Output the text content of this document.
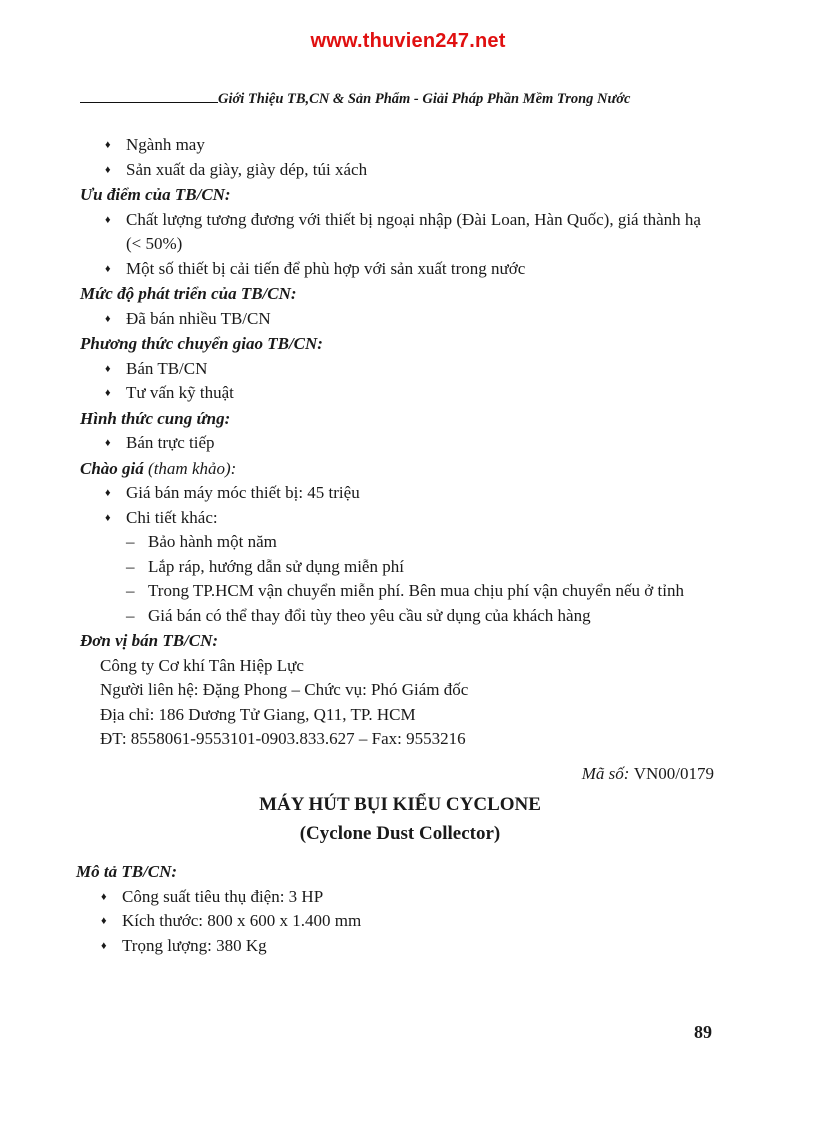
www.thuvien247.net
Giới Thiệu TB,CN & Sản Phẩm - Giải Pháp Phần Mềm Trong Nước
♦ Ngành may
♦ Sản xuất da giày, giày dép, túi xách
Ưu điểm của TB/CN:
♦ Chất lượng tương đương với thiết bị ngoại nhập (Đài Loan, Hàn Quốc), giá thành hạ (< 50%)
♦ Một số thiết bị cải tiến để phù hợp với sản xuất trong nước
Mức độ phát triển của TB/CN:
♦ Đã bán nhiều TB/CN
Phương thức chuyển giao TB/CN:
♦ Bán TB/CN
♦ Tư vấn kỹ thuật
Hình thức cung ứng:
♦ Bán trực tiếp
Chào giá (tham khảo):
♦ Giá bán máy móc thiết bị: 45 triệu
♦ Chi tiết khác:
– Bảo hành một năm
– Lắp ráp, hướng dẫn sử dụng miễn phí
– Trong TP.HCM vận chuyển miễn phí. Bên mua chịu phí vận chuyển nếu ở tỉnh
– Giá bán có thể thay đổi tùy theo yêu cầu sử dụng của khách hàng
Đơn vị bán TB/CN:
Công ty Cơ khí Tân Hiệp Lực
Người liên hệ: Đặng Phong – Chức vụ: Phó Giám đốc
Địa chỉ: 186 Dương Tử Giang, Q11, TP. HCM
ĐT: 8558061-9553101-0903.833.627 – Fax: 9553216
Mã số: VN00/0179
MÁY HÚT BỤI KIỂU CYCLONE
(Cyclone Dust Collector)
Mô tả TB/CN:
♦ Công suất tiêu thụ điện: 3 HP
♦ Kích thước: 800 x 600 x 1.400 mm
♦ Trọng lượng: 380 Kg
89
